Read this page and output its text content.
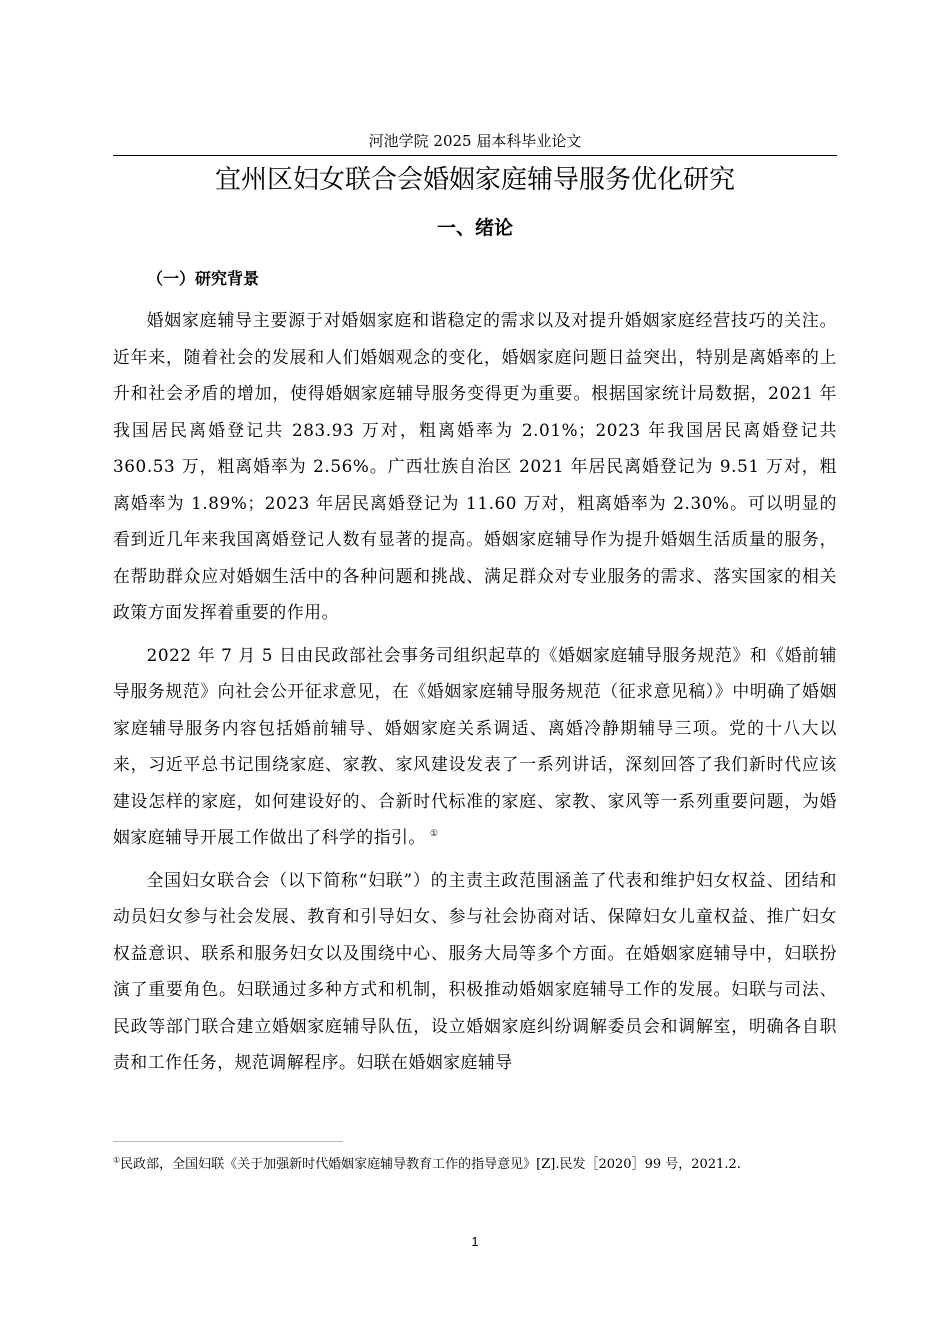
河池学院 2025 届本科毕业论文
宜州区妇女联合会婚姻家庭辅导服务优化研究
一、绪论
（一）研究背景

婚姻家庭辅导主要源于对婚姻家庭和谐稳定的需求以及对提升婚姻家庭经营技巧的关注。近年来，随着社会的发展和人们婚姻观念的变化，婚姻家庭问题日益突出，特别是离婚率的上升和社会矛盾的增加，使得婚姻家庭辅导服务变得更为重要。根据国家统计局数据，2021 年我国居民离婚登记共 283.93 万对，粗离婚率为 2.01%；2023 年我国居民离婚登记共 360.53 万，粗离婚率为 2.56%。广西壮族自治区 2021 年居民离婚登记为 9.51 万对，粗离婚率为 1.89%；2023 年居民离婚登记为 11.60 万对，粗离婚率为 2.30%。可以明显的看到近几年来我国离婚登记人数有显著的提高。婚姻家庭辅导作为提升婚姻生活质量的服务，在帮助群众应对婚姻生活中的各种问题和挑战、满足群众对专业服务的需求、落实国家的相关政策方面发挥着重要的作用。

2022 年 7 月 5 日由民政部社会事务司组织起草的《婚姻家庭辅导服务规范》和《婚前辅导服务规范》向社会公开征求意见，在《婚姻家庭辅导服务规范（征求意见稿）》中明确了婚姻家庭辅导服务内容包括婚前辅导、婚姻家庭关系调适、离婚冷静期辅导三项。党的十八大以来，习近平总书记围绕家庭、家教、家风建设发表了一系列讲话，深刻回答了我们新时代应该建设怎样的家庭，如何建设好的、合新时代标准的家庭、家教、家风等一系列重要问题，为婚姻家庭辅导开展工作做出了科学的指引。 ①

全国妇女联合会（以下简称“妇联”）的主责主政范围涵盖了代表和维护妇女权益、团结和动员妇女参与社会发展、教育和引导妇女、参与社会协商对话、保障妇女儿童权益、推广妇女权益意识、联系和服务妇女以及围绕中心、服务大局等多个方面。在婚姻家庭辅导中，妇联扮演了重要角色。妇联通过多种方式和机制，积极推动婚姻家庭辅导工作的发展。妇联与司法、民政等部门联合建立婚姻家庭辅导队伍，设立婚姻家庭纠纷调解委员会和调解室，明确各自职责和工作任务，规范调解程序。妇联在婚姻家庭辅导

①民政部，全国妇联《关于加强新时代婚姻家庭辅导教育工作的指导意见》[Z].民发［2020］99 号，2021.2.
1
